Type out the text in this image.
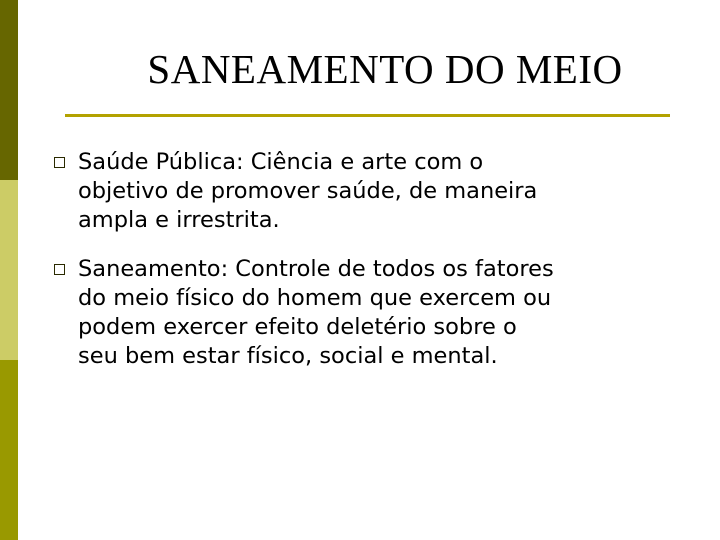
SANEAMENTO DO MEIO
Saúde Pública: Ciência e arte com o
objetivo de promover saúde, de maneira
ampla e irrestrita.
Saneamento: Controle de todos os fatores
do meio físico do homem que exercem ou
podem exercer efeito deletério sobre o
seu bem estar físico, social e mental.
